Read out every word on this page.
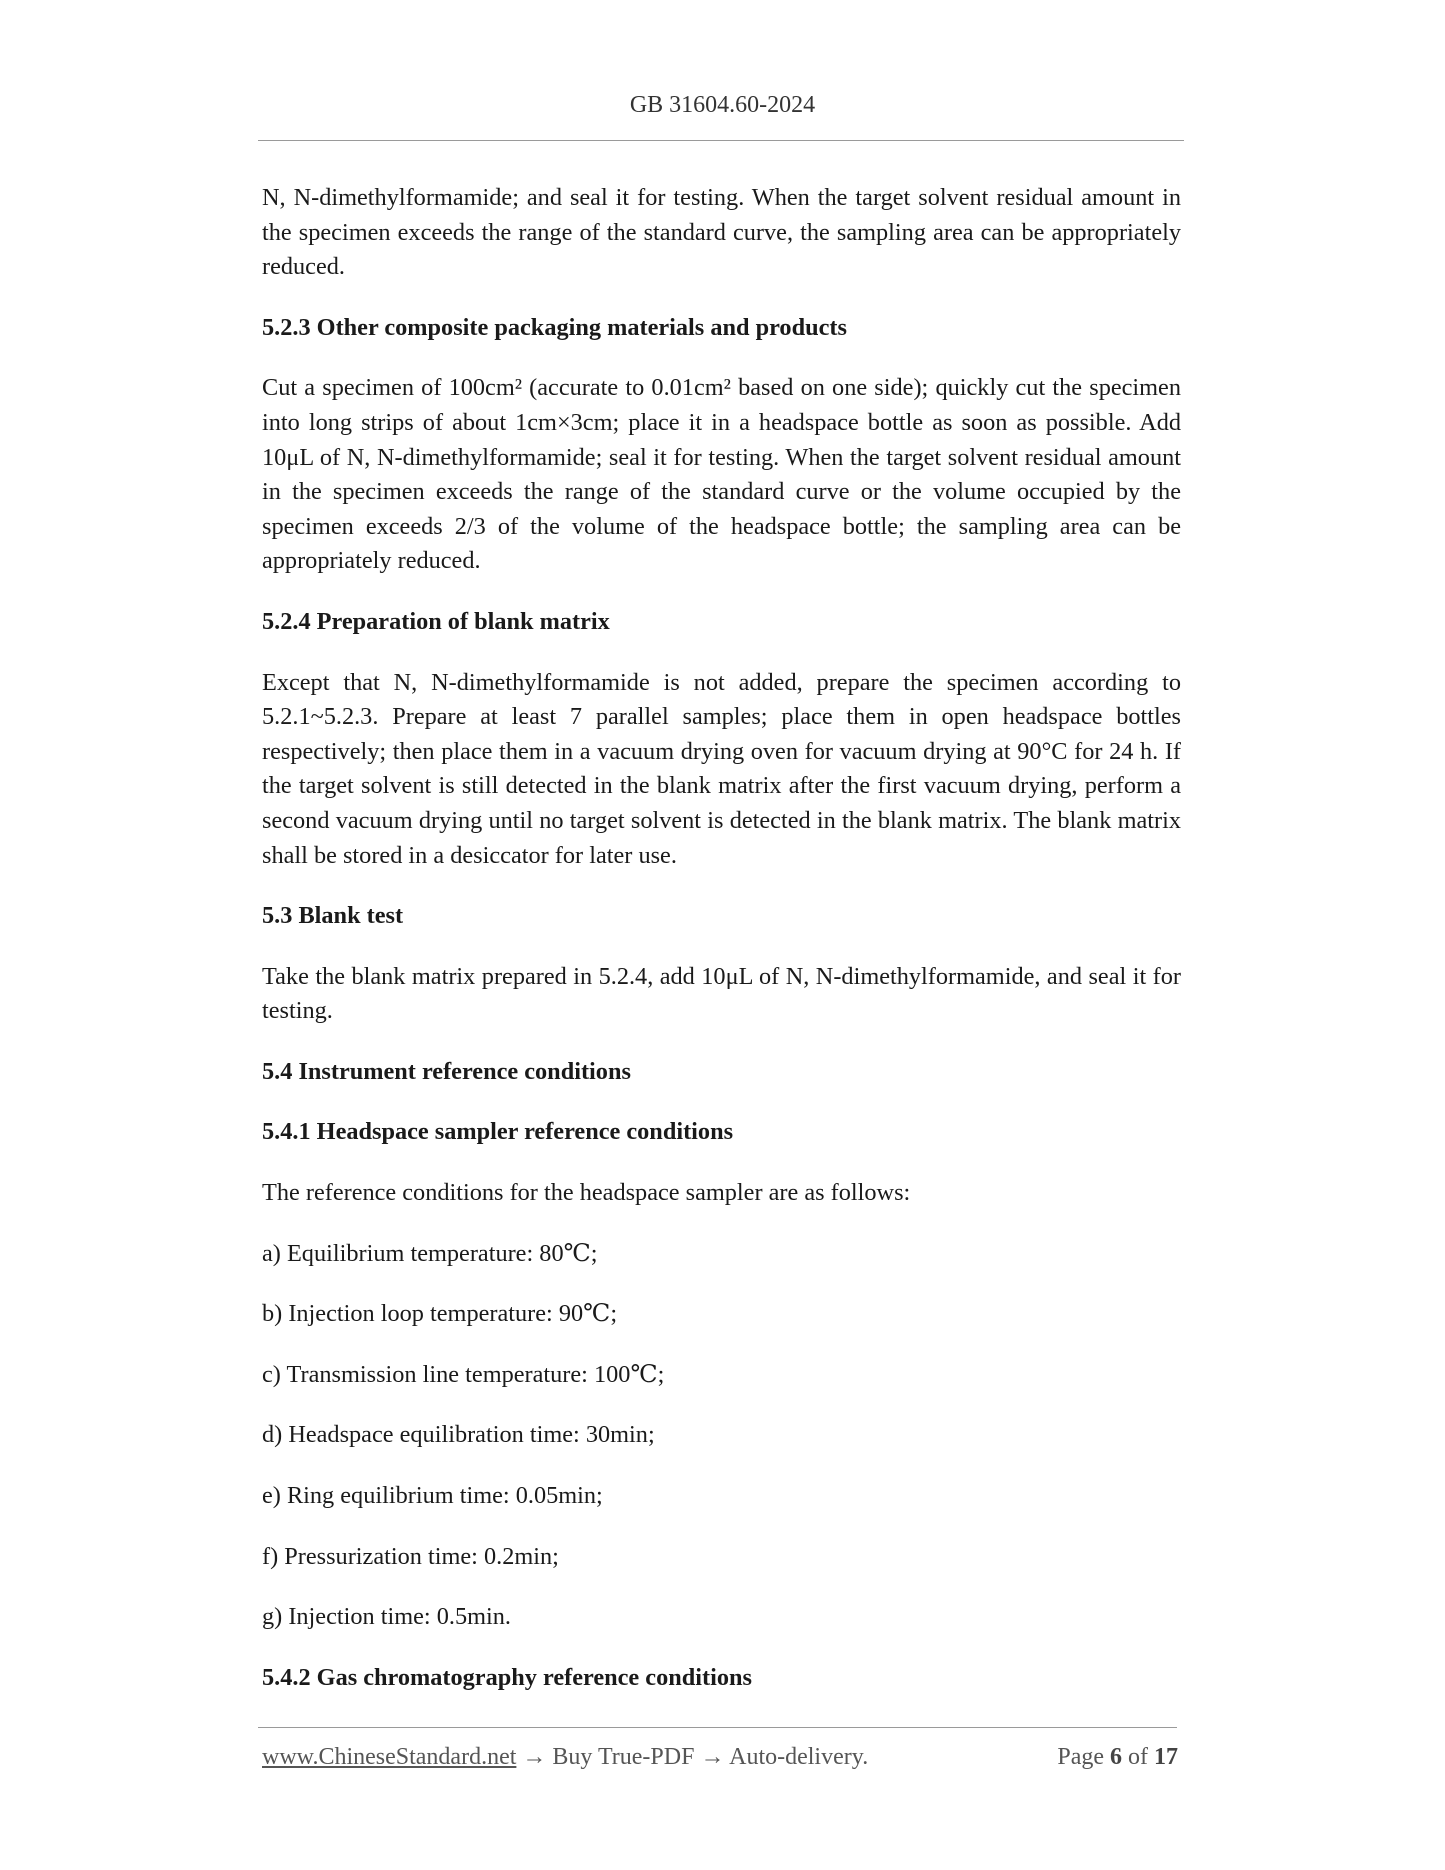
GB 31604.60-2024

N, N-dimethylformamide; and seal it for testing. When the target solvent residual amount in the specimen exceeds the range of the standard curve, the sampling area can be appropriately reduced.

5.2.3 Other composite packaging materials and products

Cut a specimen of 100cm² (accurate to 0.01cm² based on one side); quickly cut the specimen into long strips of about 1cm×3cm; place it in a headspace bottle as soon as possible. Add 10μL of N, N-dimethylformamide; seal it for testing. When the target solvent residual amount in the specimen exceeds the range of the standard curve or the volume occupied by the specimen exceeds 2/3 of the volume of the headspace bottle; the sampling area can be appropriately reduced.

5.2.4 Preparation of blank matrix

Except that N, N-dimethylformamide is not added, prepare the specimen according to 5.2.1~5.2.3. Prepare at least 7 parallel samples; place them in open headspace bottles respectively; then place them in a vacuum drying oven for vacuum drying at 90°C for 24 h. If the target solvent is still detected in the blank matrix after the first vacuum drying, perform a second vacuum drying until no target solvent is detected in the blank matrix. The blank matrix shall be stored in a desiccator for later use.

5.3 Blank test

Take the blank matrix prepared in 5.2.4, add 10μL of N, N-dimethylformamide, and seal it for testing.

5.4 Instrument reference conditions
5.4.1 Headspace sampler reference conditions

The reference conditions for the headspace sampler are as follows:

a) Equilibrium temperature: 80℃;
b) Injection loop temperature: 90℃;
c) Transmission line temperature: 100℃;
d) Headspace equilibration time: 30min;
e) Ring equilibrium time: 0.05min;
f) Pressurization time: 0.2min;
g) Injection time: 0.5min.
5.4.2 Gas chromatography reference conditions
www.ChineseStandard.net → Buy True-PDF → Auto-delivery.	Page 6 of 17
